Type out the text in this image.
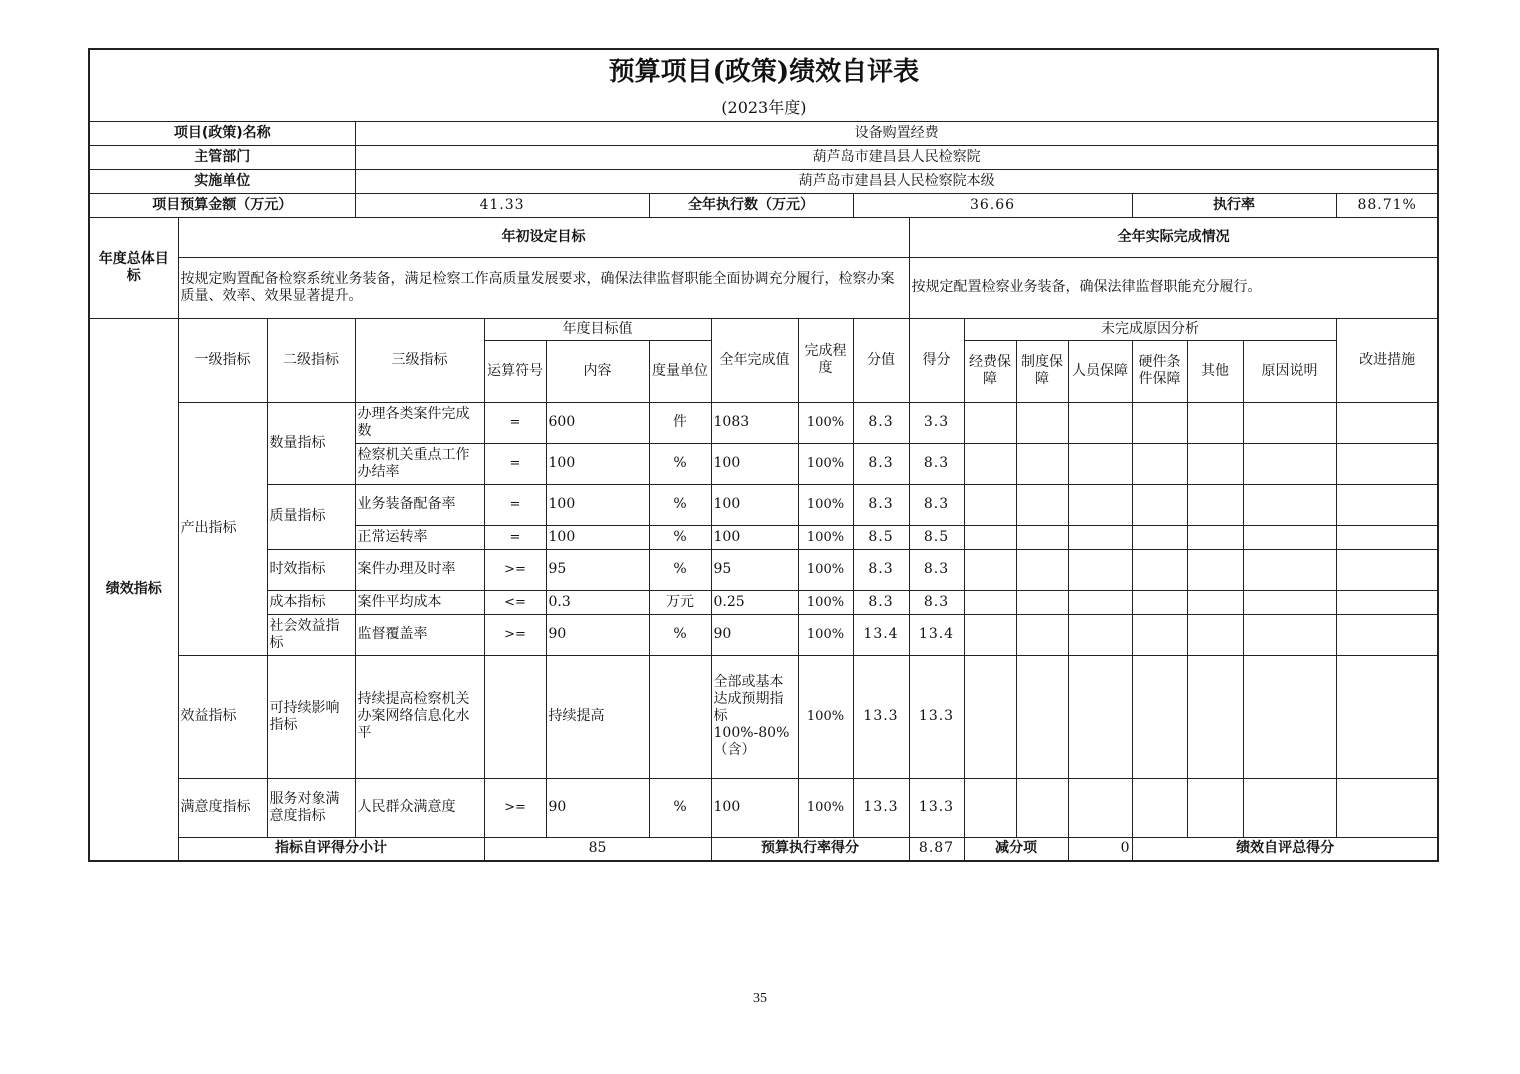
预算项目(政策)绩效自评表																		
(2023年度)																		
项目(政策)名称			设备购置经费															
主管部门			葫芦岛市建昌县人民检察院															
实施单位			葫芦岛市建昌县人民检察院本级															
项目预算金额（万元）			41.33			全年执行数（万元）			36.66					执行率			88.71%	
年度总体目标	年初设定目标									全年实际完成情况								
	按规定购置配备检察系统业务装备，满足检察工作高质量发展要求，确保法律监督职能全面协调充分履行，检察办案质量、效率、效果显著提升。									按规定配置检察业务装备，确保法律监督职能充分履行。								
绩效指标	一级指标	二级指标	三级指标	年度目标值			全年完成值	完成程度	分值	得分	未完成原因分析						改进措施	
				运算符号	内容	度量单位					经费保障	制度保障	人员保障	硬件条件保障	其他	原因说明		
	产出指标	数量指标	办理各类案件完成数	=	600	件	1083	100%	8.3	3.3								
			检察机关重点工作办结率	=	100	%	100	100%	8.3	8.3								
		质量指标	业务装备配备率	=	100	%	100	100%	8.3	8.3								
			正常运转率	=	100	%	100	100%	8.5	8.5								
		时效指标	案件办理及时率	>=	95	%	95	100%	8.3	8.3								
		成本指标	案件平均成本	<=	0.3	万元	0.25	100%	8.3	8.3								
		社会效益指标	监督覆盖率	>=	90	%	90	100%	13.4	13.4								
	效益指标	可持续影响指标	持续提高检察机关办案网络信息化水平		持续提高		全部或基本达成预期指标100%-80%（含）	100%	13.3	13.3								
	满意度指标	服务对象满意度指标	人民群众满意度	>=	90	%	100	100%	13.3	13.3								
	指标自评得分小计			85			预算执行率得分			8.87	减分项		0	绩效自评总得分	
35
